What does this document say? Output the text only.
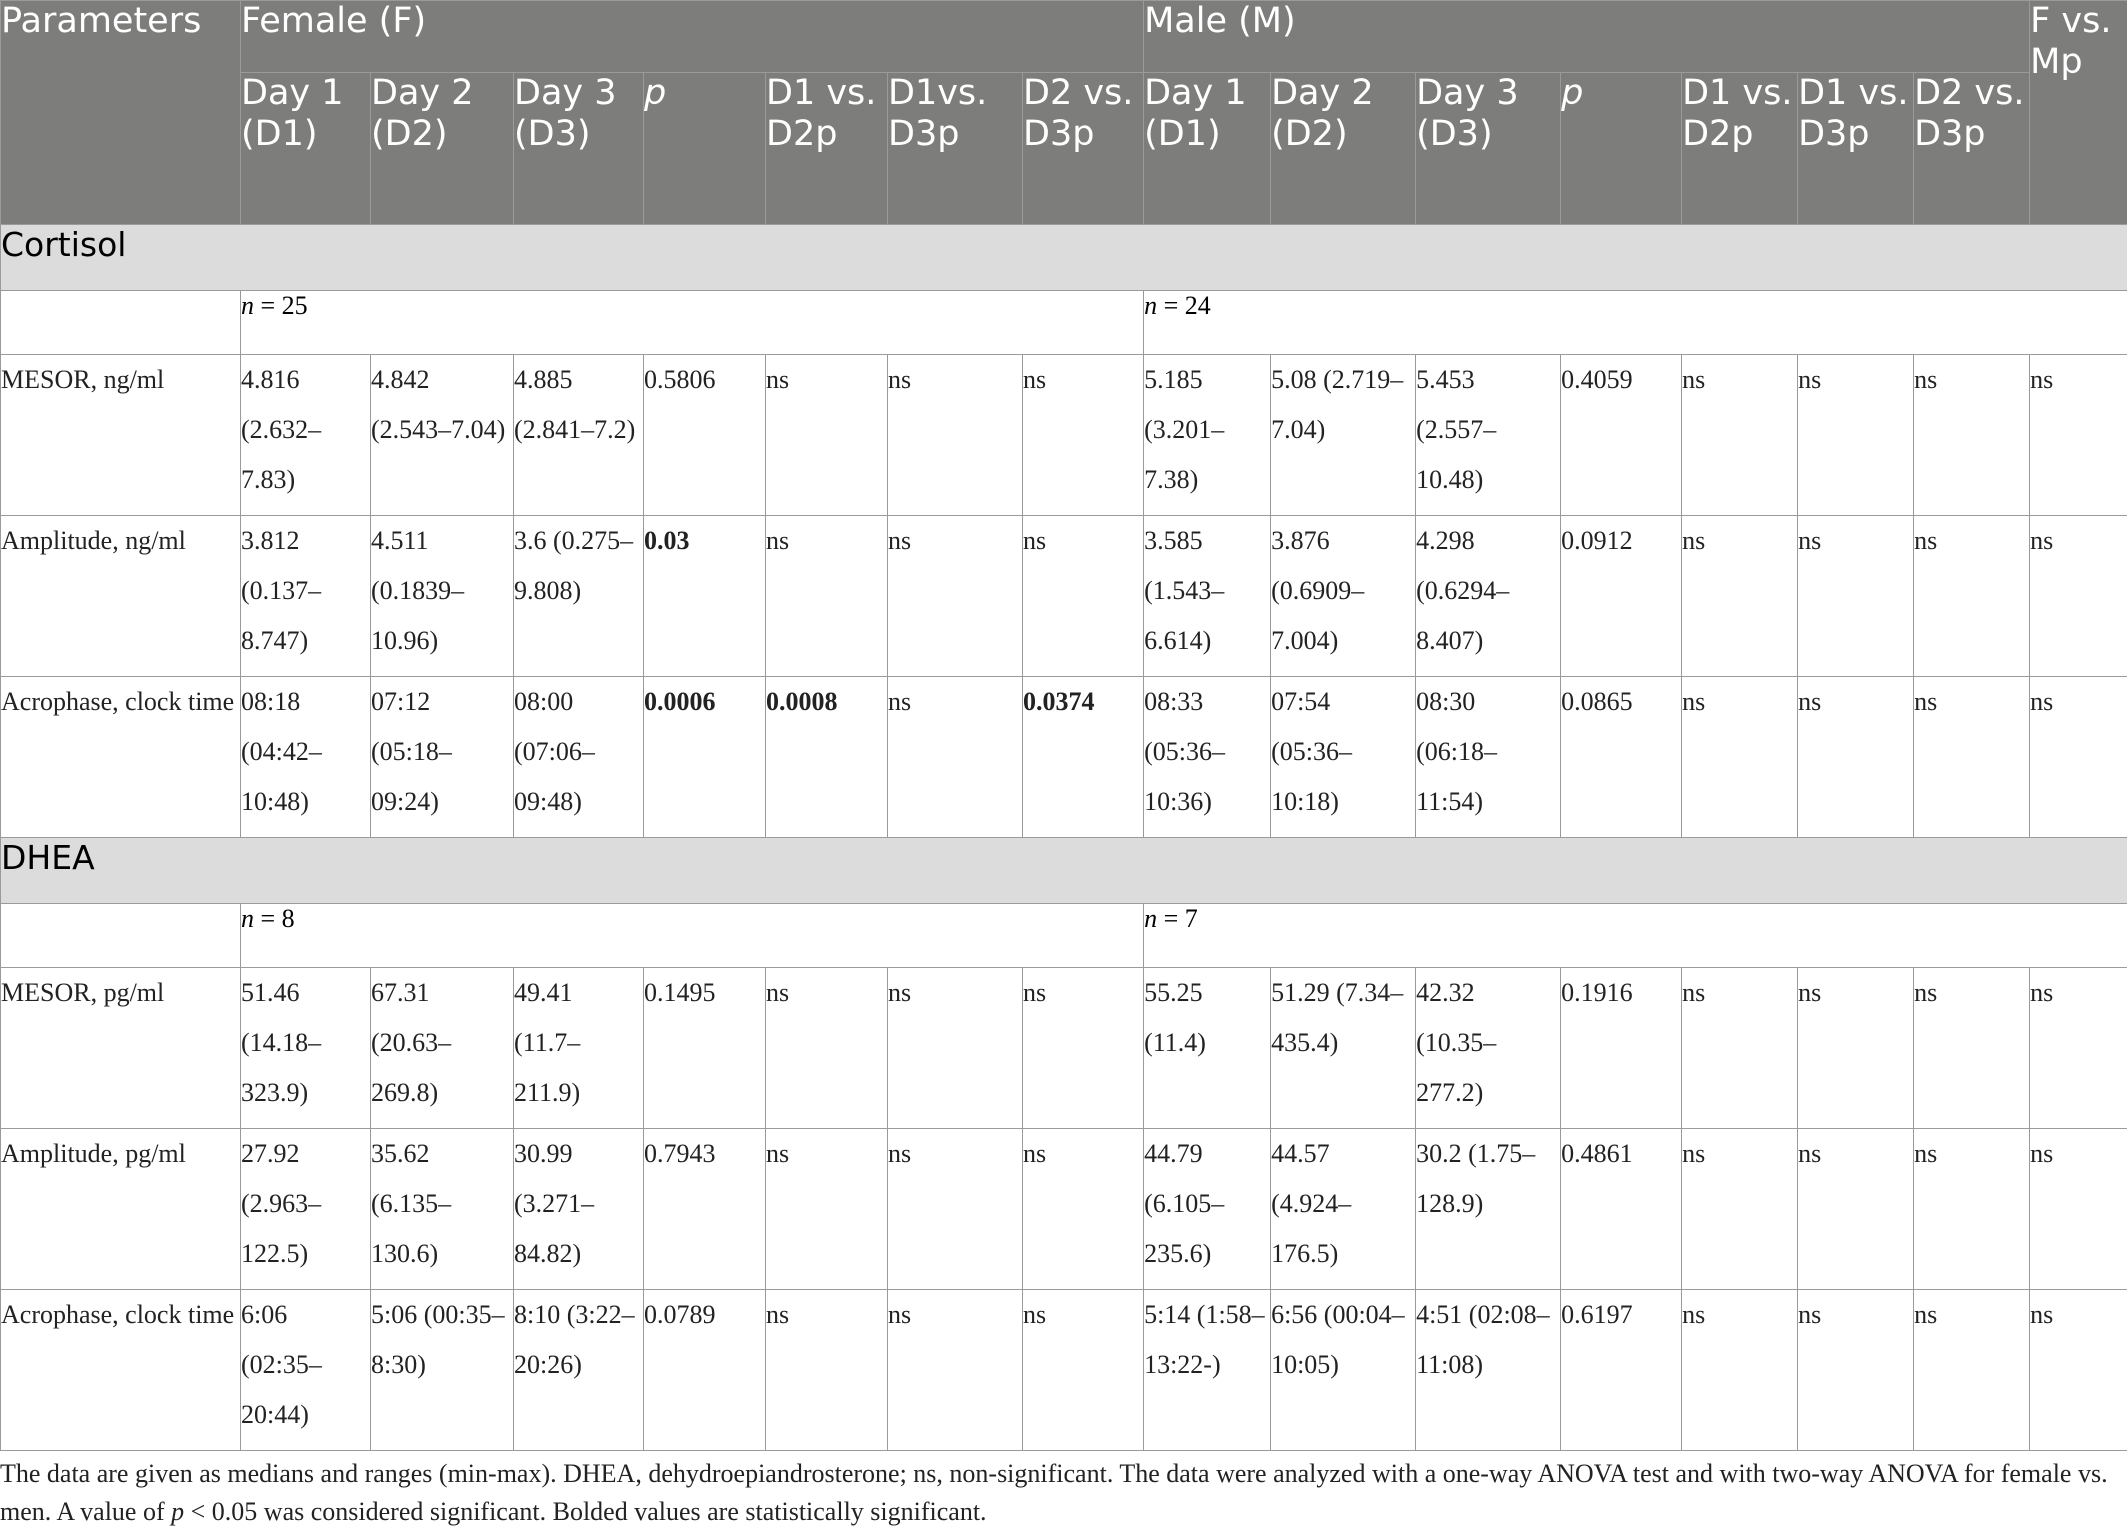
Parameters	Female (F)							Male (M)							F vs. Mp
	Day 1 (D1)	Day 2 (D2)	Day 3 (D3)	p	D1 vs. D2p	D1vs. D3p	D2 vs. D3p	Day 1 (D1)	Day 2 (D2)	Day 3 (D3)	p	D1 vs. D2p	D1 vs. D3p	D2 vs. D3p	
Cortisol															
	n = 25							n = 24							
MESOR, ng/ml	4.816 (2.632–7.83)	4.842 (2.543–7.04)	4.885 (2.841–7.2)	0.5806	ns	ns	ns	5.185 (3.201–7.38)	5.08 (2.719–7.04)	5.453 (2.557–10.48)	0.4059	ns	ns	ns	ns
Amplitude, ng/ml	3.812 (0.137–8.747)	4.511 (0.1839–10.96)	3.6 (0.275–9.808)	0.03	ns	ns	ns	3.585 (1.543–6.614)	3.876 (0.6909–7.004)	4.298 (0.6294–8.407)	0.0912	ns	ns	ns	ns
Acrophase, clock time	08:18 (04:42–10:48)	07:12 (05:18–09:24)	08:00 (07:06–09:48)	0.0006	0.0008	ns	0.0374	08:33 (05:36–10:36)	07:54 (05:36–10:18)	08:30 (06:18–11:54)	0.0865	ns	ns	ns	ns
DHEA															
	n = 8							n = 7							
MESOR, pg/ml	51.46 (14.18–323.9)	67.31 (20.63–269.8)	49.41 (11.7–211.9)	0.1495	ns	ns	ns	55.25 (11.4)	51.29 (7.34–435.4)	42.32 (10.35–277.2)	0.1916	ns	ns	ns	ns
Amplitude, pg/ml	27.92 (2.963–122.5)	35.62 (6.135–130.6)	30.99 (3.271–84.82)	0.7943	ns	ns	ns	44.79 (6.105–235.6)	44.57 (4.924–176.5)	30.2 (1.75–128.9)	0.4861	ns	ns	ns	ns
Acrophase, clock time	6:06 (02:35–20:44)	5:06 (00:35–8:30)	8:10 (3:22–20:26)	0.0789	ns	ns	ns	5:14 (1:58–13:22-)	6:56 (00:04–10:05)	4:51 (02:08–11:08)	0.6197	ns	ns	ns	ns
The data are given as medians and ranges (min-max). DHEA, dehydroepiandrosterone; ns, non-significant. The data were analyzed with a one-way ANOVA test and with two-way ANOVA for female vs. men. A value of p < 0.05 was considered significant. Bolded values are statistically significant.
